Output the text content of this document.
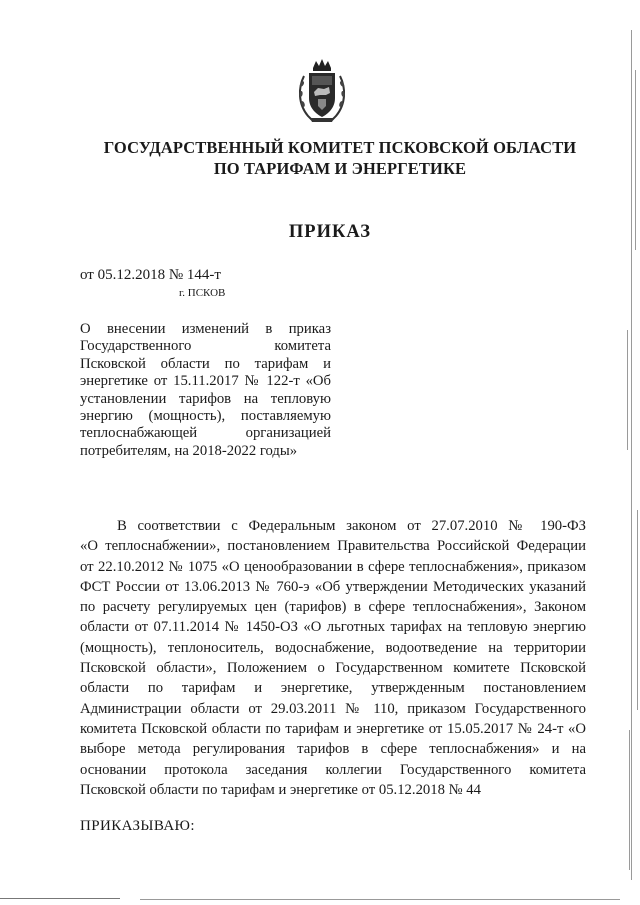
ГОСУДАРСТВЕННЫЙ КОМИТЕТ ПСКОВСКОЙ ОБЛАСТИ
ПО ТАРИФАМ И ЭНЕРГЕТИКЕ
ПРИКАЗ
от 05.12.2018 № 144-т
г. ПСКОВ
О внесении изменений в приказ
Государственного комитета
Псковской области по тарифам и
энергетике от 15.11.2017 № 122-т «Об
установлении тарифов на тепловую
энергию (мощность), поставляемую
теплоснабжающей организацией
потребителям, на 2018-2022 годы»
В соответствии с Федеральным законом от 27.07.2010 № 190-ФЗ
«О теплоснабжении», постановлением Правительства Российской Федерации
от 22.10.2012 № 1075 «О ценообразовании в сфере теплоснабжения», приказом
ФСТ России от 13.06.2013 № 760-э «Об утверждении Методических указаний
по расчету регулируемых цен (тарифов) в сфере теплоснабжения», Законом
области от 07.11.2014 № 1450-ОЗ «О льготных тарифах на тепловую энергию
(мощность), теплоноситель, водоснабжение, водоотведение на территории
Псковской области», Положением о Государственном комитете Псковской
области по тарифам и энергетике, утвержденным постановлением
Администрации области от 29.03.2011 № 110, приказом Государственного
комитета Псковской области по тарифам и энергетике от 15.05.2017 № 24-т «О
выборе метода регулирования тарифов в сфере теплоснабжения» и на
основании протокола заседания коллегии Государственного комитета
Псковской области по тарифам и энергетике от 05.12.2018 № 44
ПРИКАЗЫВАЮ:
